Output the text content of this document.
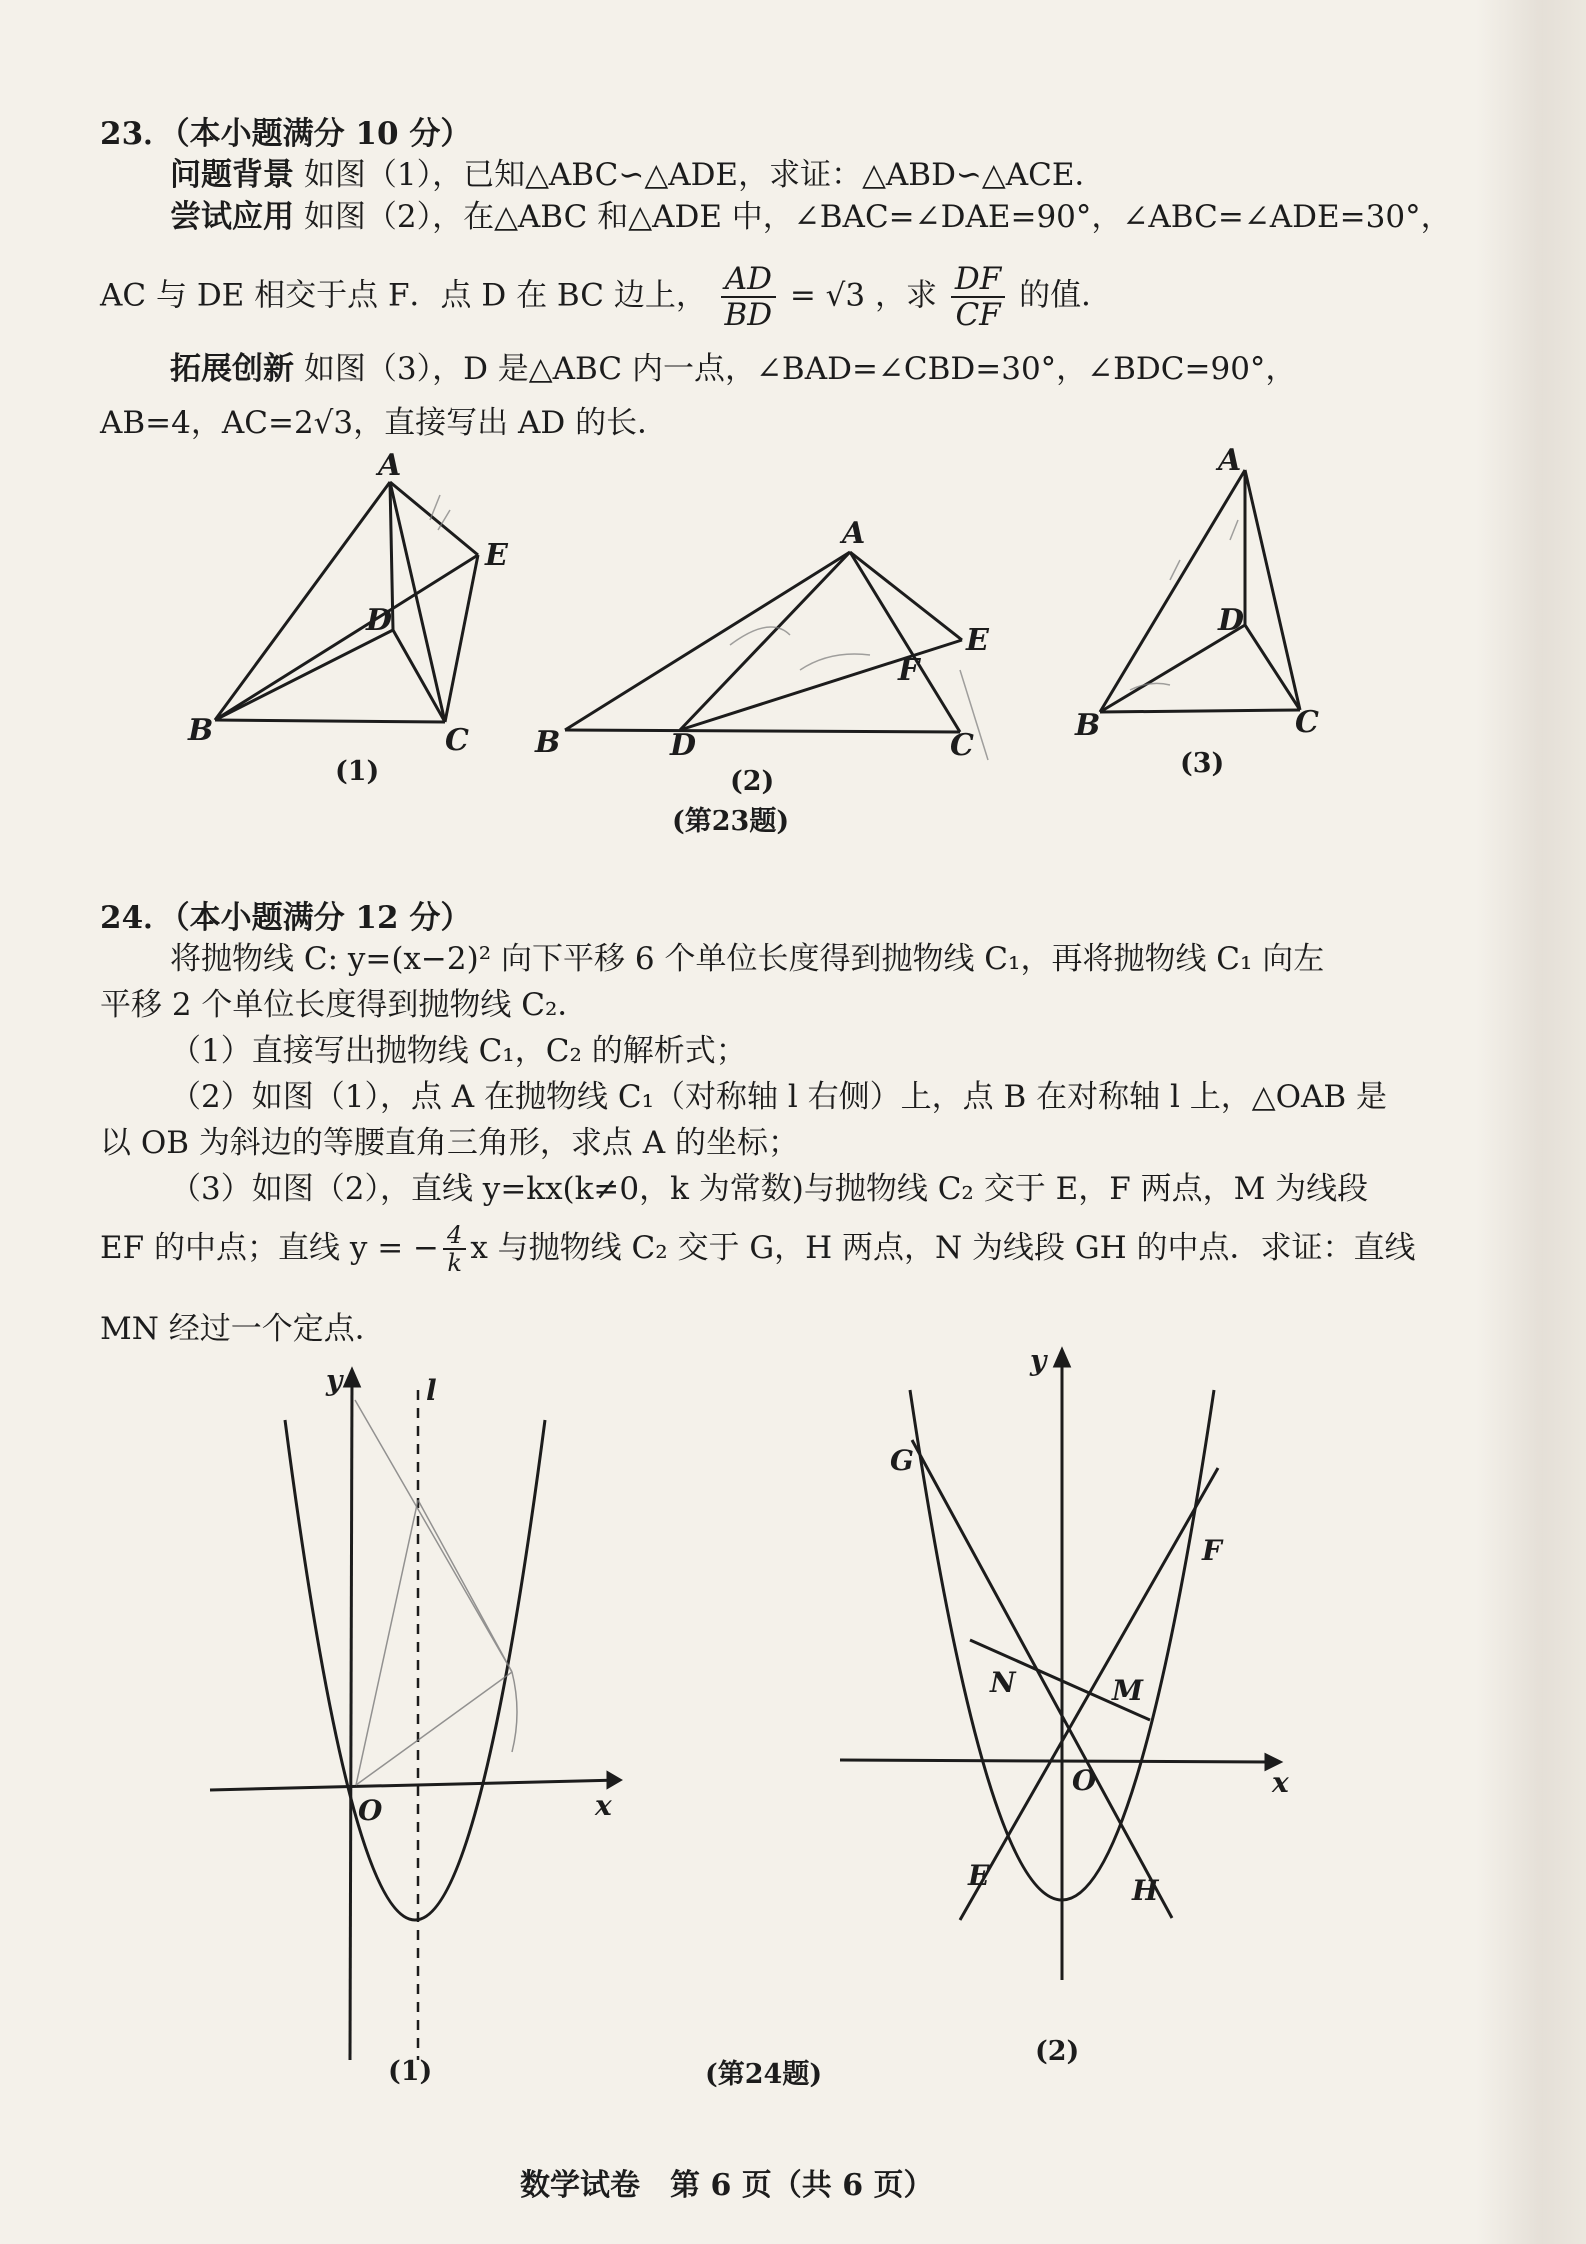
23．（本小题满分 10 分）
问题背景 如图（1），已知△ABC∽△ADE，求证：△ABD∽△ACE．
尝试应用 如图（2），在△ABC 和△ADE 中，∠BAC=∠DAE=90°，∠ABC=∠ADE=30°，
AC 与 DE 相交于点 F．点 D 在 BC 边上， $\frac{AD}{BD} = √3$ ，求 $\frac{DF}{CF}$ 的值．
拓展创新 如图（3），D 是△ABC 内一点，∠BAD=∠CBD=30°，∠BDC=90°，
AB=4，AC=2√3，直接写出 AD 的长．
A
E
D
B	C
A
E
F
B	D	C
A
D
B	C
(1)	(2)
(3)
(第23题)
24．（本小题满分 12 分）
将抛物线 C: y=(x−2)² 向下平移 6 个单位长度得到抛物线 C₁，再将抛物线 C₁ 向左
平移 2 个单位长度得到抛物线 C₂．
（1）直接写出抛物线 C₁，C₂ 的解析式；
（2）如图（1），点 A 在抛物线 C₁（对称轴 l 右侧）上，点 B 在对称轴 l 上，△OAB 是
以 OB 为斜边的等腰直角三角形，求点 A 的坐标；
（3）如图（2），直线 y=kx(k≠0，k 为常数)与抛物线 C₂ 交于 E，F 两点，M 为线段
EF 的中点；直线 y = − $\frac{4}{k}$ x 与抛物线 C₂ 交于 G，H 两点，N 为线段 GH 的中点．求证：直线
MN 经过一个定点．
y	l
x
O
(1)
y
x
O
G
F
N	M
E	H
(2)
(第24题)
数学试卷　第 6 页（共 6 页）
